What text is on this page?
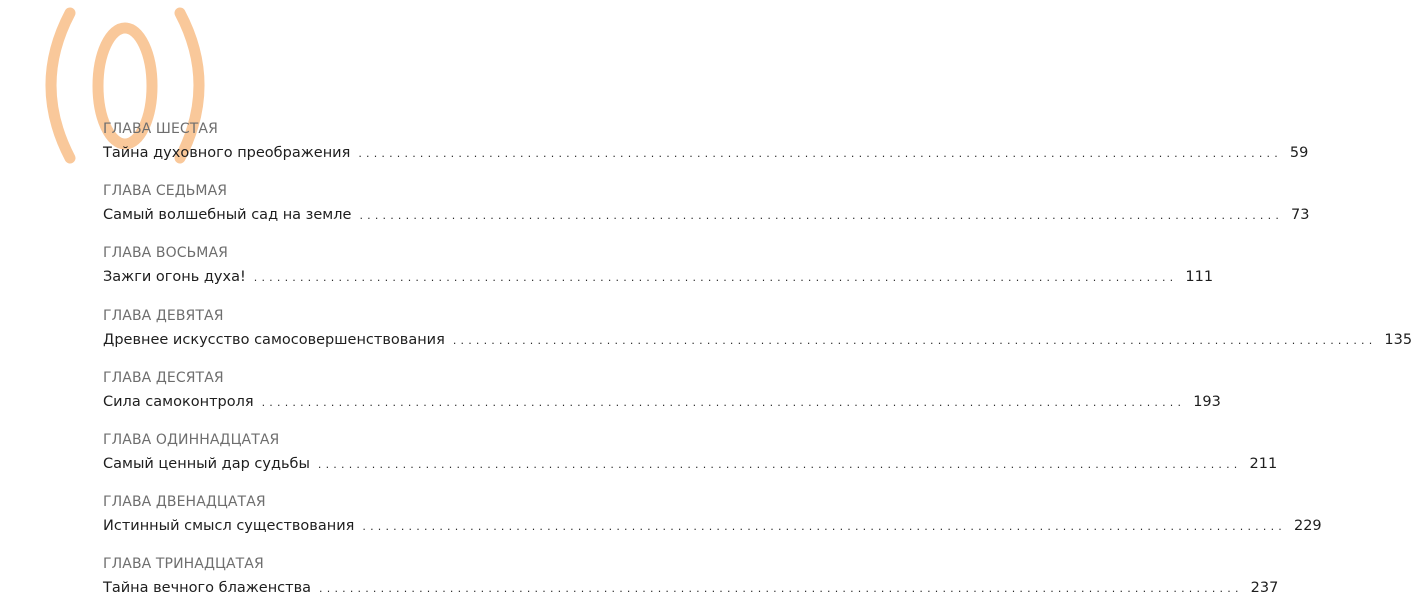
ГЛАВА ШЕСТАЯ
Тайна духовного преображения ........................................................................................................................ 59
ГЛАВА СЕДЬМАЯ
Самый волшебный сад на земле ........................................................................................................................ 73
ГЛАВА ВОСЬМАЯ
Зажги огонь духа! ........................................................................................................................ 111
ГЛАВА ДЕВЯТАЯ
Древнее искусство самосовершенствования ........................................................................................................................ 135
ГЛАВА ДЕСЯТАЯ
Сила самоконтроля ........................................................................................................................ 193
ГЛАВА ОДИННАДЦАТАЯ
Самый ценный дар судьбы ........................................................................................................................ 211
ГЛАВА ДВЕНАДЦАТАЯ
Истинный смысл существования ........................................................................................................................ 229
ГЛАВА ТРИНАДЦАТАЯ
Тайна вечного блаженства ........................................................................................................................ 237
